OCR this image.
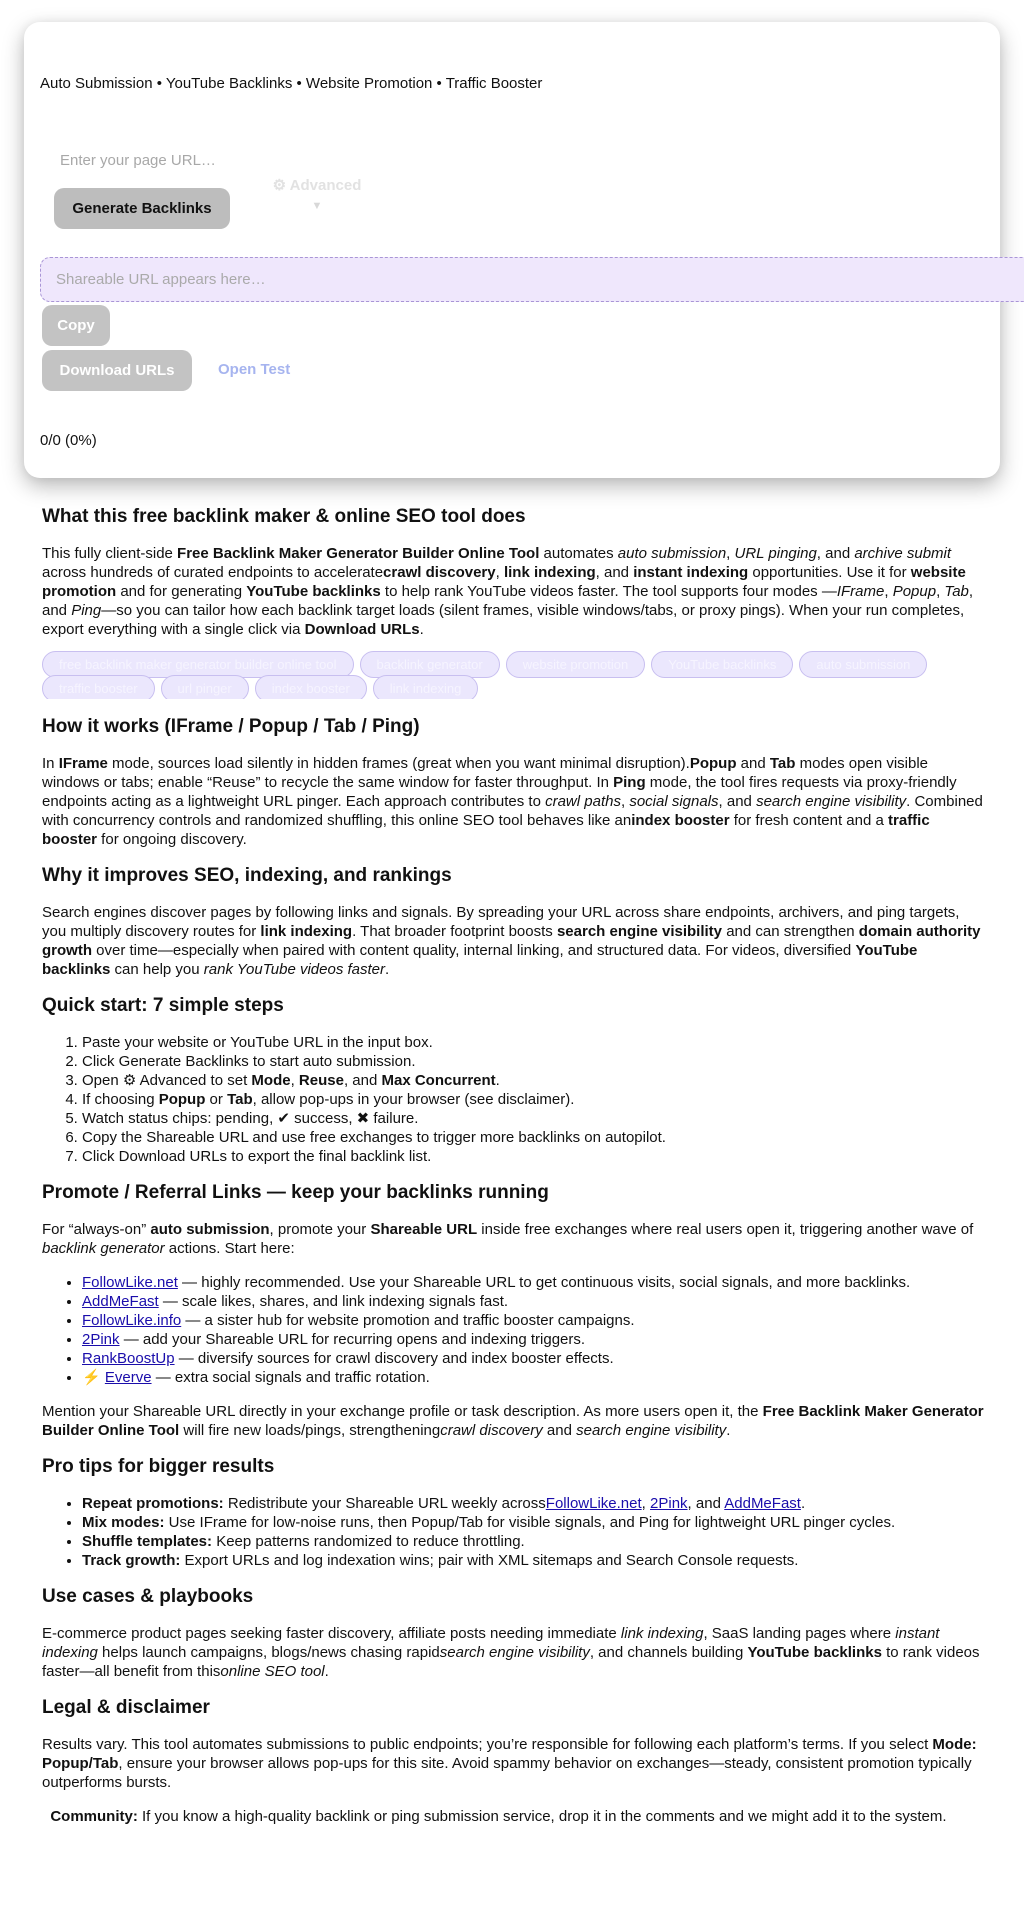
Auto Submission • YouTube Backlinks • Website Promotion • Traffic Booster
Enter your page URL…
Generate Backlinks
⚙ Advanced
▼
Shareable URL appears here…
Copy
Download URLs	Open Test
0/0 (0%)
What this free backlink maker & online SEO tool does

This fully client-side Free Backlink Maker Generator Builder Online Tool automates auto submission, URL pinging, and archive submit across hundreds of curated endpoints to acceleratecrawl discovery, link indexing, and instant indexing opportunities. Use it for website promotion and for generating YouTube backlinks to help rank YouTube videos faster. The tool supports four modes —IFrame, Popup, Tab, and Ping—so you can tailor how each backlink target loads (silent frames, visible windows/tabs, or proxy pings). When your run completes, export everything with a single click via Download URLs.

free backlink maker generator builder online tool	backlink generator	website promotion	YouTube backlinks	auto submission
traffic booster	url pinger	index booster	link indexing
How it works (IFrame / Popup / Tab / Ping)

In IFrame mode, sources load silently in hidden frames (great when you want minimal disruption).Popup and Tab modes open visible windows or tabs; enable “Reuse” to recycle the same window for faster throughput. In Ping mode, the tool fires requests via proxy-friendly endpoints acting as a lightweight URL pinger. Each approach contributes to crawl paths, social signals, and search engine visibility. Combined with concurrency controls and randomized shuffling, this online SEO tool behaves like anindex booster for fresh content and a traffic booster for ongoing discovery.

Why it improves SEO, indexing, and rankings

Search engines discover pages by following links and signals. By spreading your URL across share endpoints, archivers, and ping targets, you multiply discovery routes for link indexing. That broader footprint boosts search engine visibility and can strengthen domain authority growth over time—especially when paired with content quality, internal linking, and structured data. For videos, diversified YouTube backlinks can help you rank YouTube videos faster.

Quick start: 7 simple steps
1. Paste your website or YouTube URL in the input box.
2. Click Generate Backlinks to start auto submission.
3. Open ⚙ Advanced to set Mode, Reuse, and Max Concurrent.
4. If choosing Popup or Tab, allow pop-ups in your browser (see disclaimer).
5. Watch status chips: pending, ✔ success, ✖ failure.
6. Copy the Shareable URL and use free exchanges to trigger more backlinks on autopilot.
7. Click Download URLs to export the final backlink list.
Promote / Referral Links — keep your backlinks running

For “always-on” auto submission, promote your Shareable URL inside free exchanges where real users open it, triggering another wave of backlink generator actions. Start here:

• FollowLike.net — highly recommended. Use your Shareable URL to get continuous visits, social signals, and more backlinks.
• AddMeFast — scale likes, shares, and link indexing signals fast.
• FollowLike.info — a sister hub for website promotion and traffic booster campaigns.
• 2Pink — add your Shareable URL for recurring opens and indexing triggers.
• RankBoostUp — diversify sources for crawl discovery and index booster effects.
• ⚡ Everve — extra social signals and traffic rotation.

Mention your Shareable URL directly in your exchange profile or task description. As more users open it, the Free Backlink Maker Generator Builder Online Tool will fire new loads/pings, strengtheningcrawl discovery and search engine visibility.

Pro tips for bigger results
• Repeat promotions: Redistribute your Shareable URL weekly acrossFollowLike.net, 2Pink, and AddMeFast.
• Mix modes: Use IFrame for low-noise runs, then Popup/Tab for visible signals, and Ping for lightweight URL pinger cycles.
• Shuffle templates: Keep patterns randomized to reduce throttling.
• Track growth: Export URLs and log indexation wins; pair with XML sitemaps and Search Console requests.
Use cases & playbooks

E-commerce product pages seeking faster discovery, affiliate posts needing immediate link indexing, SaaS landing pages where instant indexing helps launch campaigns, blogs/news chasing rapidsearch engine visibility, and channels building YouTube backlinks to rank videos faster—all benefit from thisonline SEO tool.

Legal & disclaimer

Results vary. This tool automates submissions to public endpoints; you’re responsible for following each platform’s terms. If you select Mode: Popup/Tab, ensure your browser allows pop-ups for this site. Avoid spammy behavior on exchanges—steady, consistent promotion typically outperforms bursts.

Community: If you know a high-quality backlink or ping submission service, drop it in the comments and we might add it to the system.
